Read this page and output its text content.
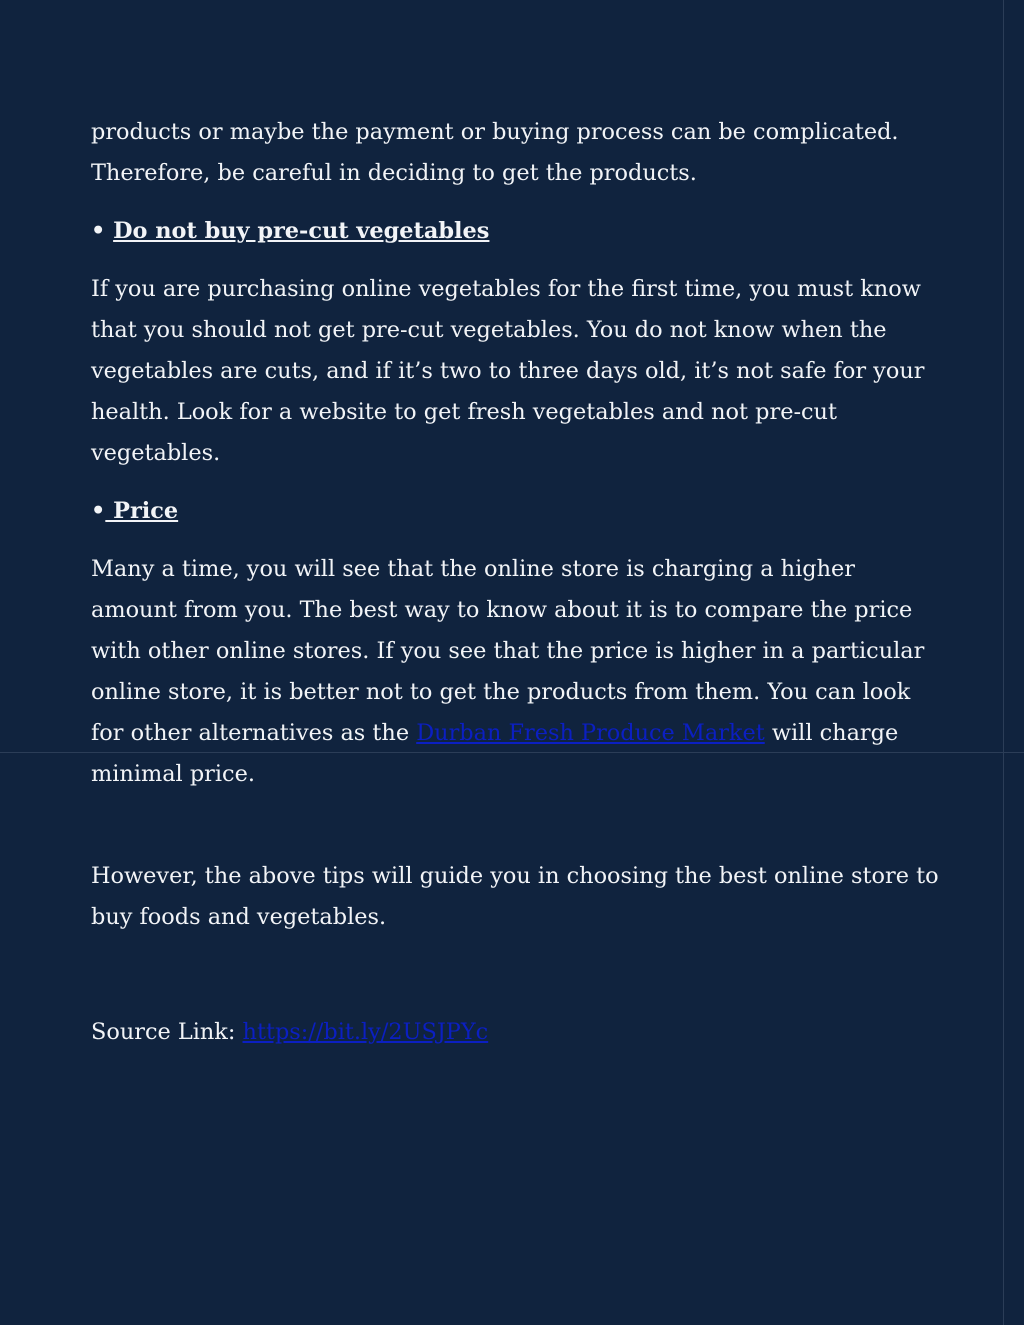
products or maybe the payment or buying process can be complicated. Therefore, be careful in deciding to get the products.

• Do not buy pre-cut vegetables

If you are purchasing online vegetables for the first time, you must know that you should not get pre-cut vegetables. You do not know when the vegetables are cuts, and if it’s two to three days old, it’s not safe for your health. Look for a website to get fresh vegetables and not pre-cut vegetables.

• Price

Many a time, you will see that the online store is charging a higher amount from you. The best way to know about it is to compare the price with other online stores. If you see that the price is higher in a particular online store, it is better not to get the products from them. You can look for other alternatives as the Durban Fresh Produce Market will charge minimal price.

However, the above tips will guide you in choosing the best online store to buy foods and vegetables.

Source Link: https://bit.ly/2USJPYc
